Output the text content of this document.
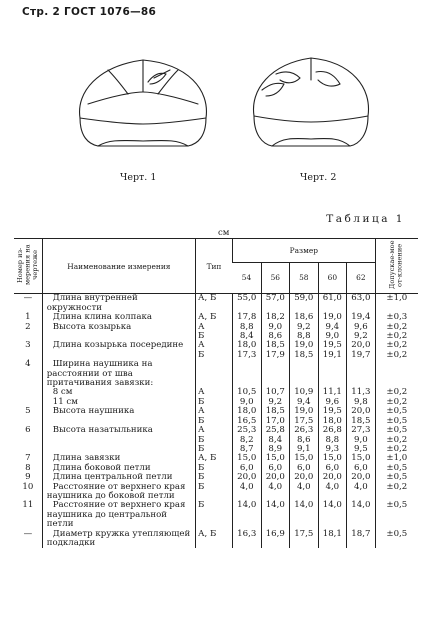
Стр. 2 ГОСТ 1076—86
Черт. 1	Черт. 2
Таблица 1
см
Номер из-мерения на чертеже	Наименование измерения	Тип	Размер					Допускае-мое от-клонение
			54	56	58	60	62	
—	Длина внутренней окружности	А, Б	55,0	57,0	59,0	61,0	63,0	±1,0
1	Длина клина колпака	А, Б	17,8	18,2	18,6	19,0	19,4	±0,3
2	Высота козырька	А	8,8	9,0	9,2	9,4	9,6	±0,2
		Б	8,4	8,6	8,8	9,0	9,2	±0,2
3	Длина козырька посередине	А	18,0	18,5	19,0	19,5	20,0	±0,2
		Б	17,3	17,9	18,5	19,1	19,7	±0,2
4	Ширина наушника на расстоянии от шва притачивания завязки:							
	8 см	А	10,5	10,7	10,9	11,1	11,3	±0,2
	11 см	Б	9,0	9,2	9,4	9,6	9,8	±0,2
5	Высота наушника	А	18,0	18,5	19,0	19,5	20,0	±0,5
		Б	16,5	17,0	17,5	18,0	18,5	±0,5
6	Высота назатыльника	А	25,3	25,8	26,3	26,8	27,3	±0,5
		Б	8,2	8,4	8,6	8,8	9,0	±0,2
		Б	8,7	8,9	9,1	9,3	9,5	±0,2
7	Длина завязки	А, Б	15,0	15,0	15,0	15,0	15,0	±1,0
8	Длина боковой петли	Б	6,0	6,0	6,0	6,0	6,0	±0,5
9	Длина центральной петли	Б	20,0	20,0	20,0	20,0	20,0	±0,5
10	Расстояние от верхнего края наушника до боковой петли	Б	4,0	4,0	4,0	4,0	4,0	±0,2
11	Расстояние от верхнего края наушника до центральной петли	Б	14,0	14,0	14,0	14,0	14,0	±0,5
—	Диаметр кружка утепляющей подкладки	А, Б	16,3	16,9	17,5	18,1	18,7	±0,5
